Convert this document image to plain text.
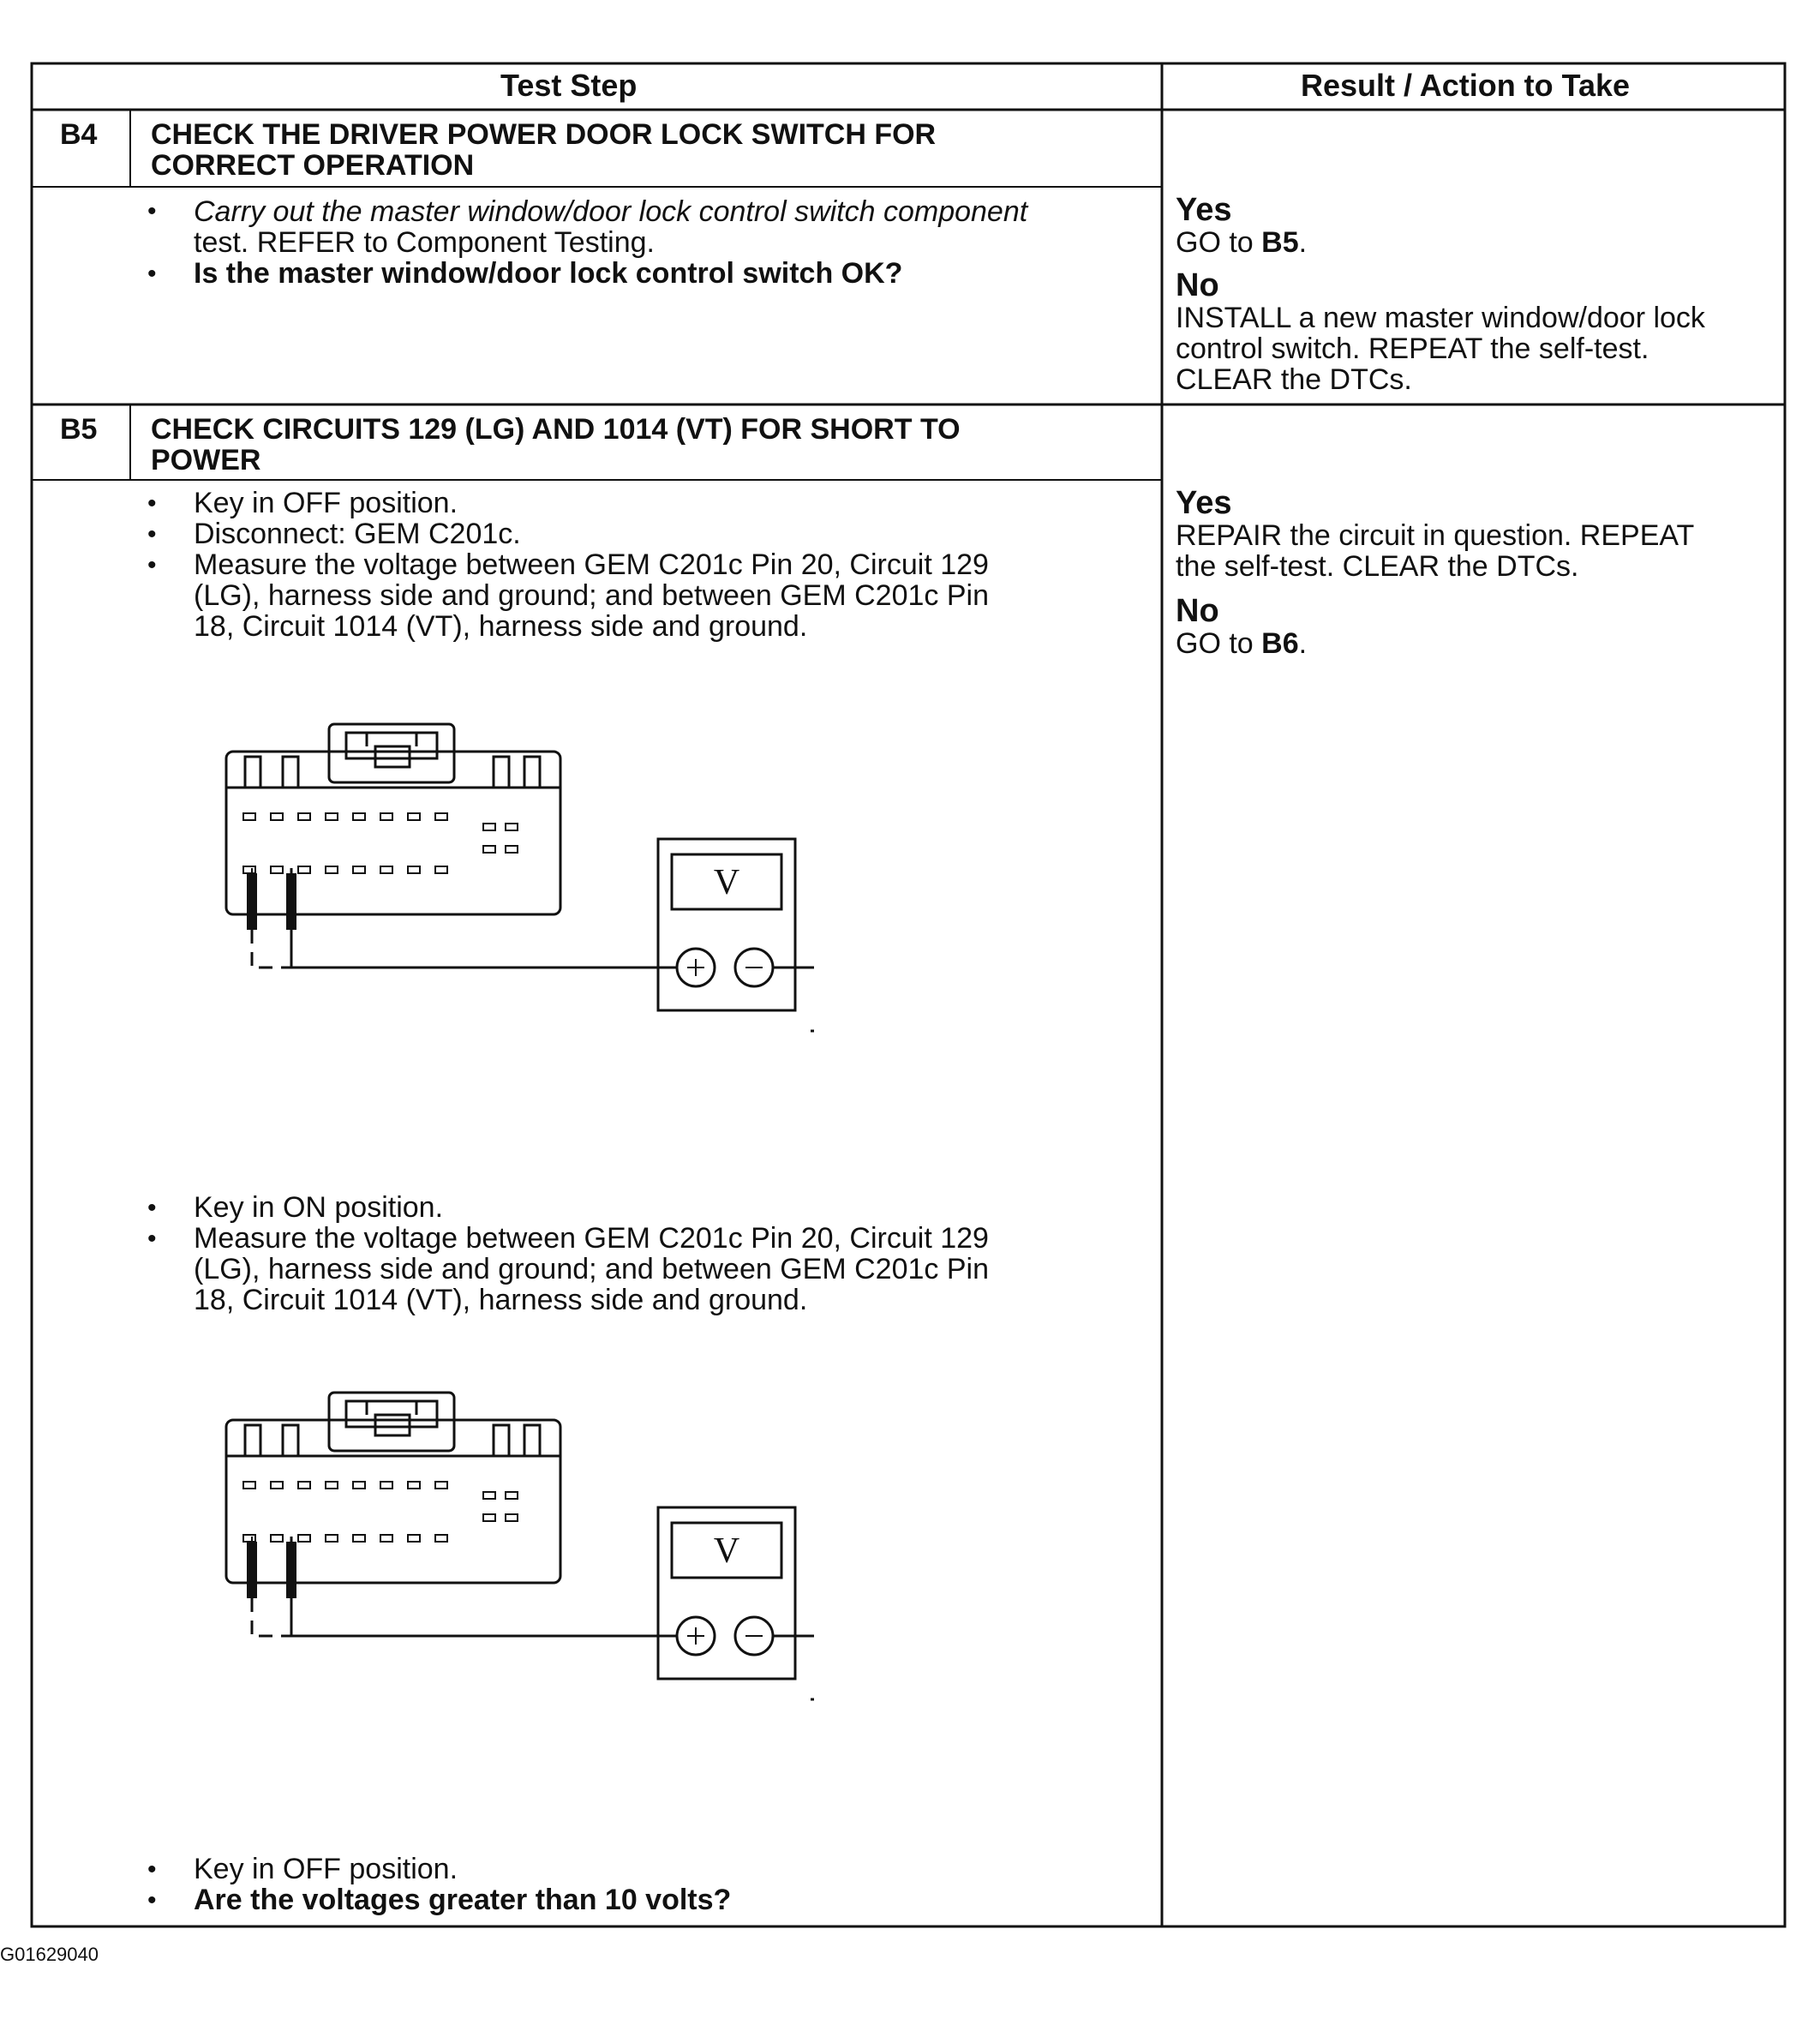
Test Step	Result / Action to Take
B4 CHECK THE DRIVER POWER DOOR LOCK SWITCH FOR
CORRECT OPERATION
• Carry out the master window/door lock control switch component
test. REFER to Component Testing.
• Is the master window/door lock control switch OK?
Yes
GO to B5.
No
INSTALL a new master window/door lock
control switch. REPEAT the self-test.
CLEAR the DTCs.
B5 CHECK CIRCUITS 129 (LG) AND 1014 (VT) FOR SHORT TO
POWER
• Key in OFF position.
• Disconnect: GEM C201c.
• Measure the voltage between GEM C201c Pin 20, Circuit 129
(LG), harness side and ground; and between GEM C201c Pin
18, Circuit 1014 (VT), harness side and ground.
V
• Key in ON position.
• Measure the voltage between GEM C201c Pin 20, Circuit 129
(LG), harness side and ground; and between GEM C201c Pin
18, Circuit 1014 (VT), harness side and ground.
V
• Key in OFF position.
• Are the voltages greater than 10 volts?
Yes
REPAIR the circuit in question. REPEAT
the self-test. CLEAR the DTCs.
No
GO to B6.
G01629040
